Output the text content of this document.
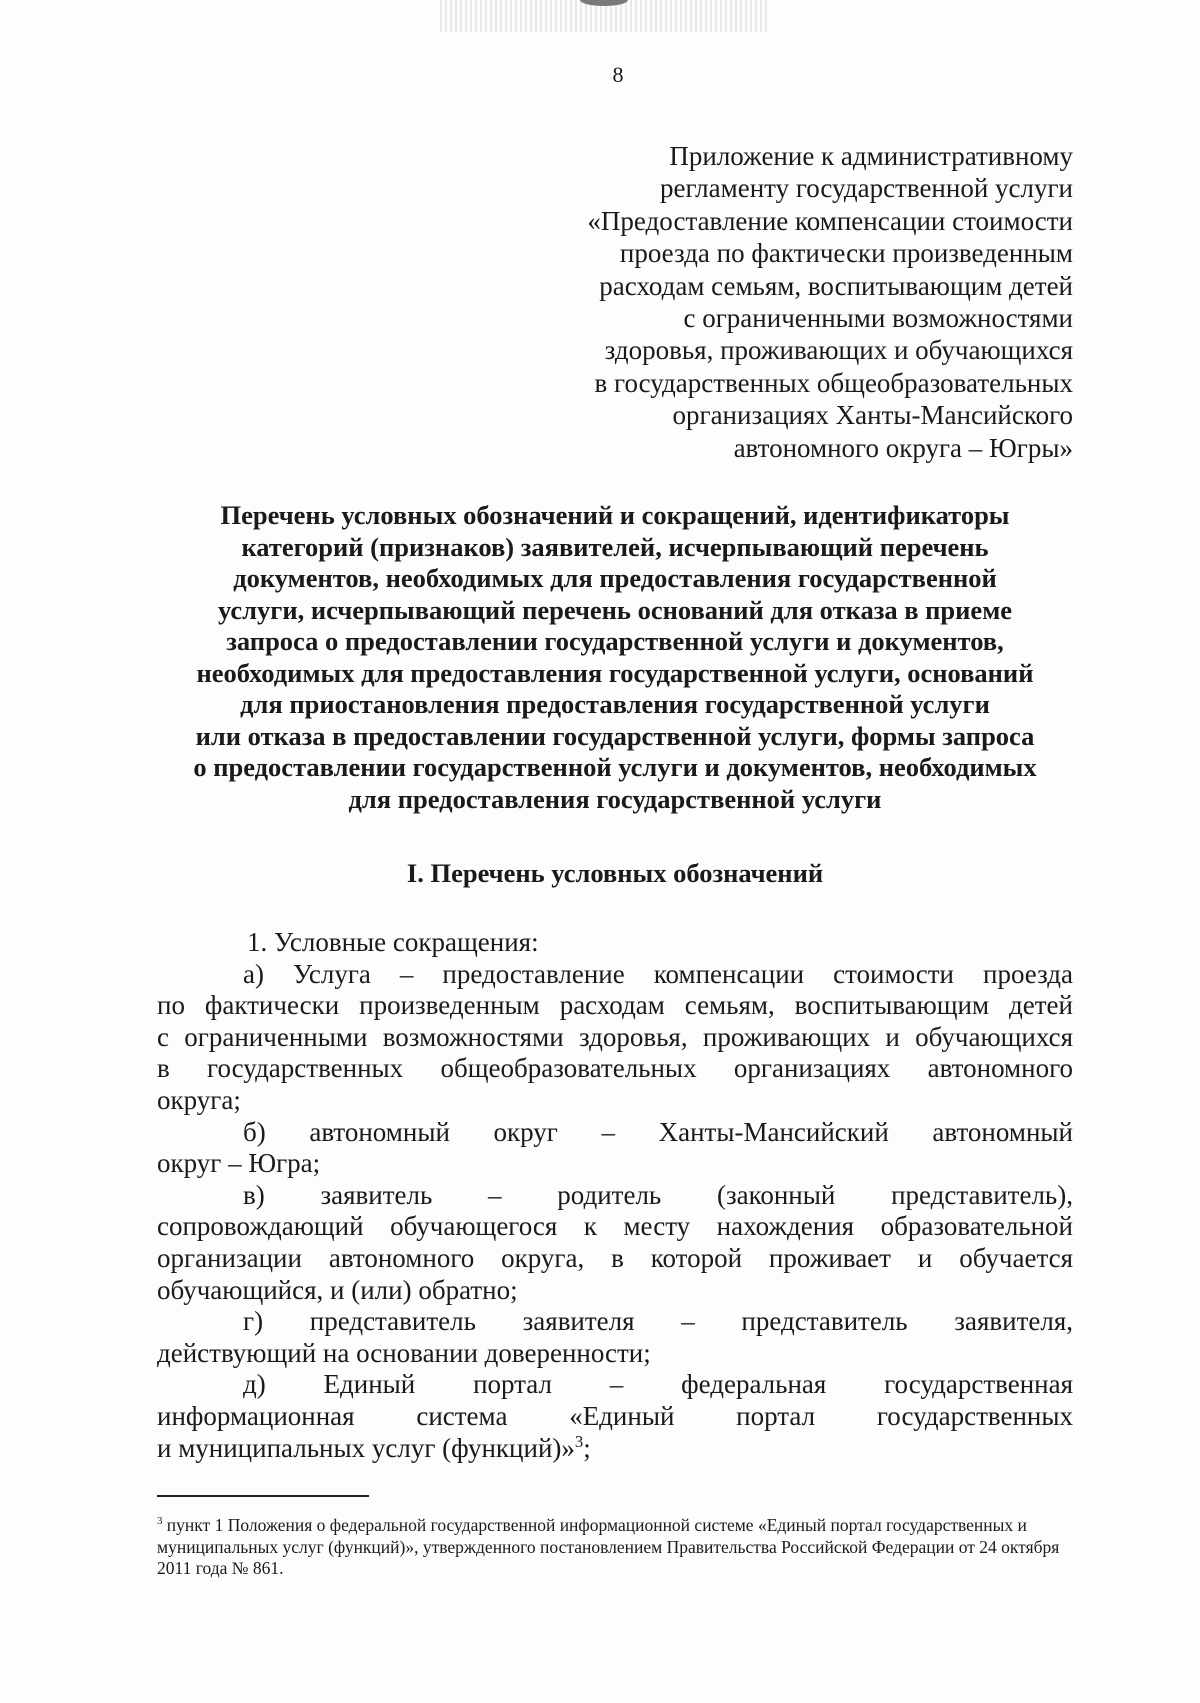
8
Приложение к административному
регламенту государственной услуги
«Предоставление компенсации стоимости
проезда по фактически произведенным
расходам семьям, воспитывающим детей
с ограниченными возможностями
здоровья, проживающих и обучающихся
в государственных общеобразовательных
организациях Ханты-Мансийского
автономного округа – Югры»
Перечень условных обозначений и сокращений, идентификаторы
категорий (признаков) заявителей, исчерпывающий перечень
документов, необходимых для предоставления государственной
услуги, исчерпывающий перечень оснований для отказа в приеме
запроса о предоставлении государственной услуги и документов,
необходимых для предоставления государственной услуги, оснований
для приостановления предоставления государственной услуги
или отказа в предоставлении государственной услуги, формы запроса
о предоставлении государственной услуги и документов, необходимых
для предоставления государственной услуги
I. Перечень условных обозначений
1. Условные сокращения:
а) Услуга – предоставление компенсации стоимости проезда
по фактически произведенным расходам семьям, воспитывающим детей
с ограниченными возможностями здоровья, проживающих и обучающихся
в государственных общеобразовательных организациях автономного
округа;
б) автономный округ – Ханты-Мансийский автономный
округ – Югра;
в) заявитель – родитель (законный представитель),
сопровождающий обучающегося к месту нахождения образовательной
организации автономного округа, в которой проживает и обучается
обучающийся, и (или) обратно;
г) представитель заявителя – представитель заявителя,
действующий на основании доверенности;
д) Единый портал – федеральная государственная
информационная система «Единый портал государственных
и муниципальных услуг (функций)»$^3$;
$^3$ пункт 1 Положения о федеральной государственной информационной системе «Единый портал государственных и муниципальных услуг (функций)», утвержденного постановлением Правительства Российской Федерации от 24 октября 2011 года № 861.
